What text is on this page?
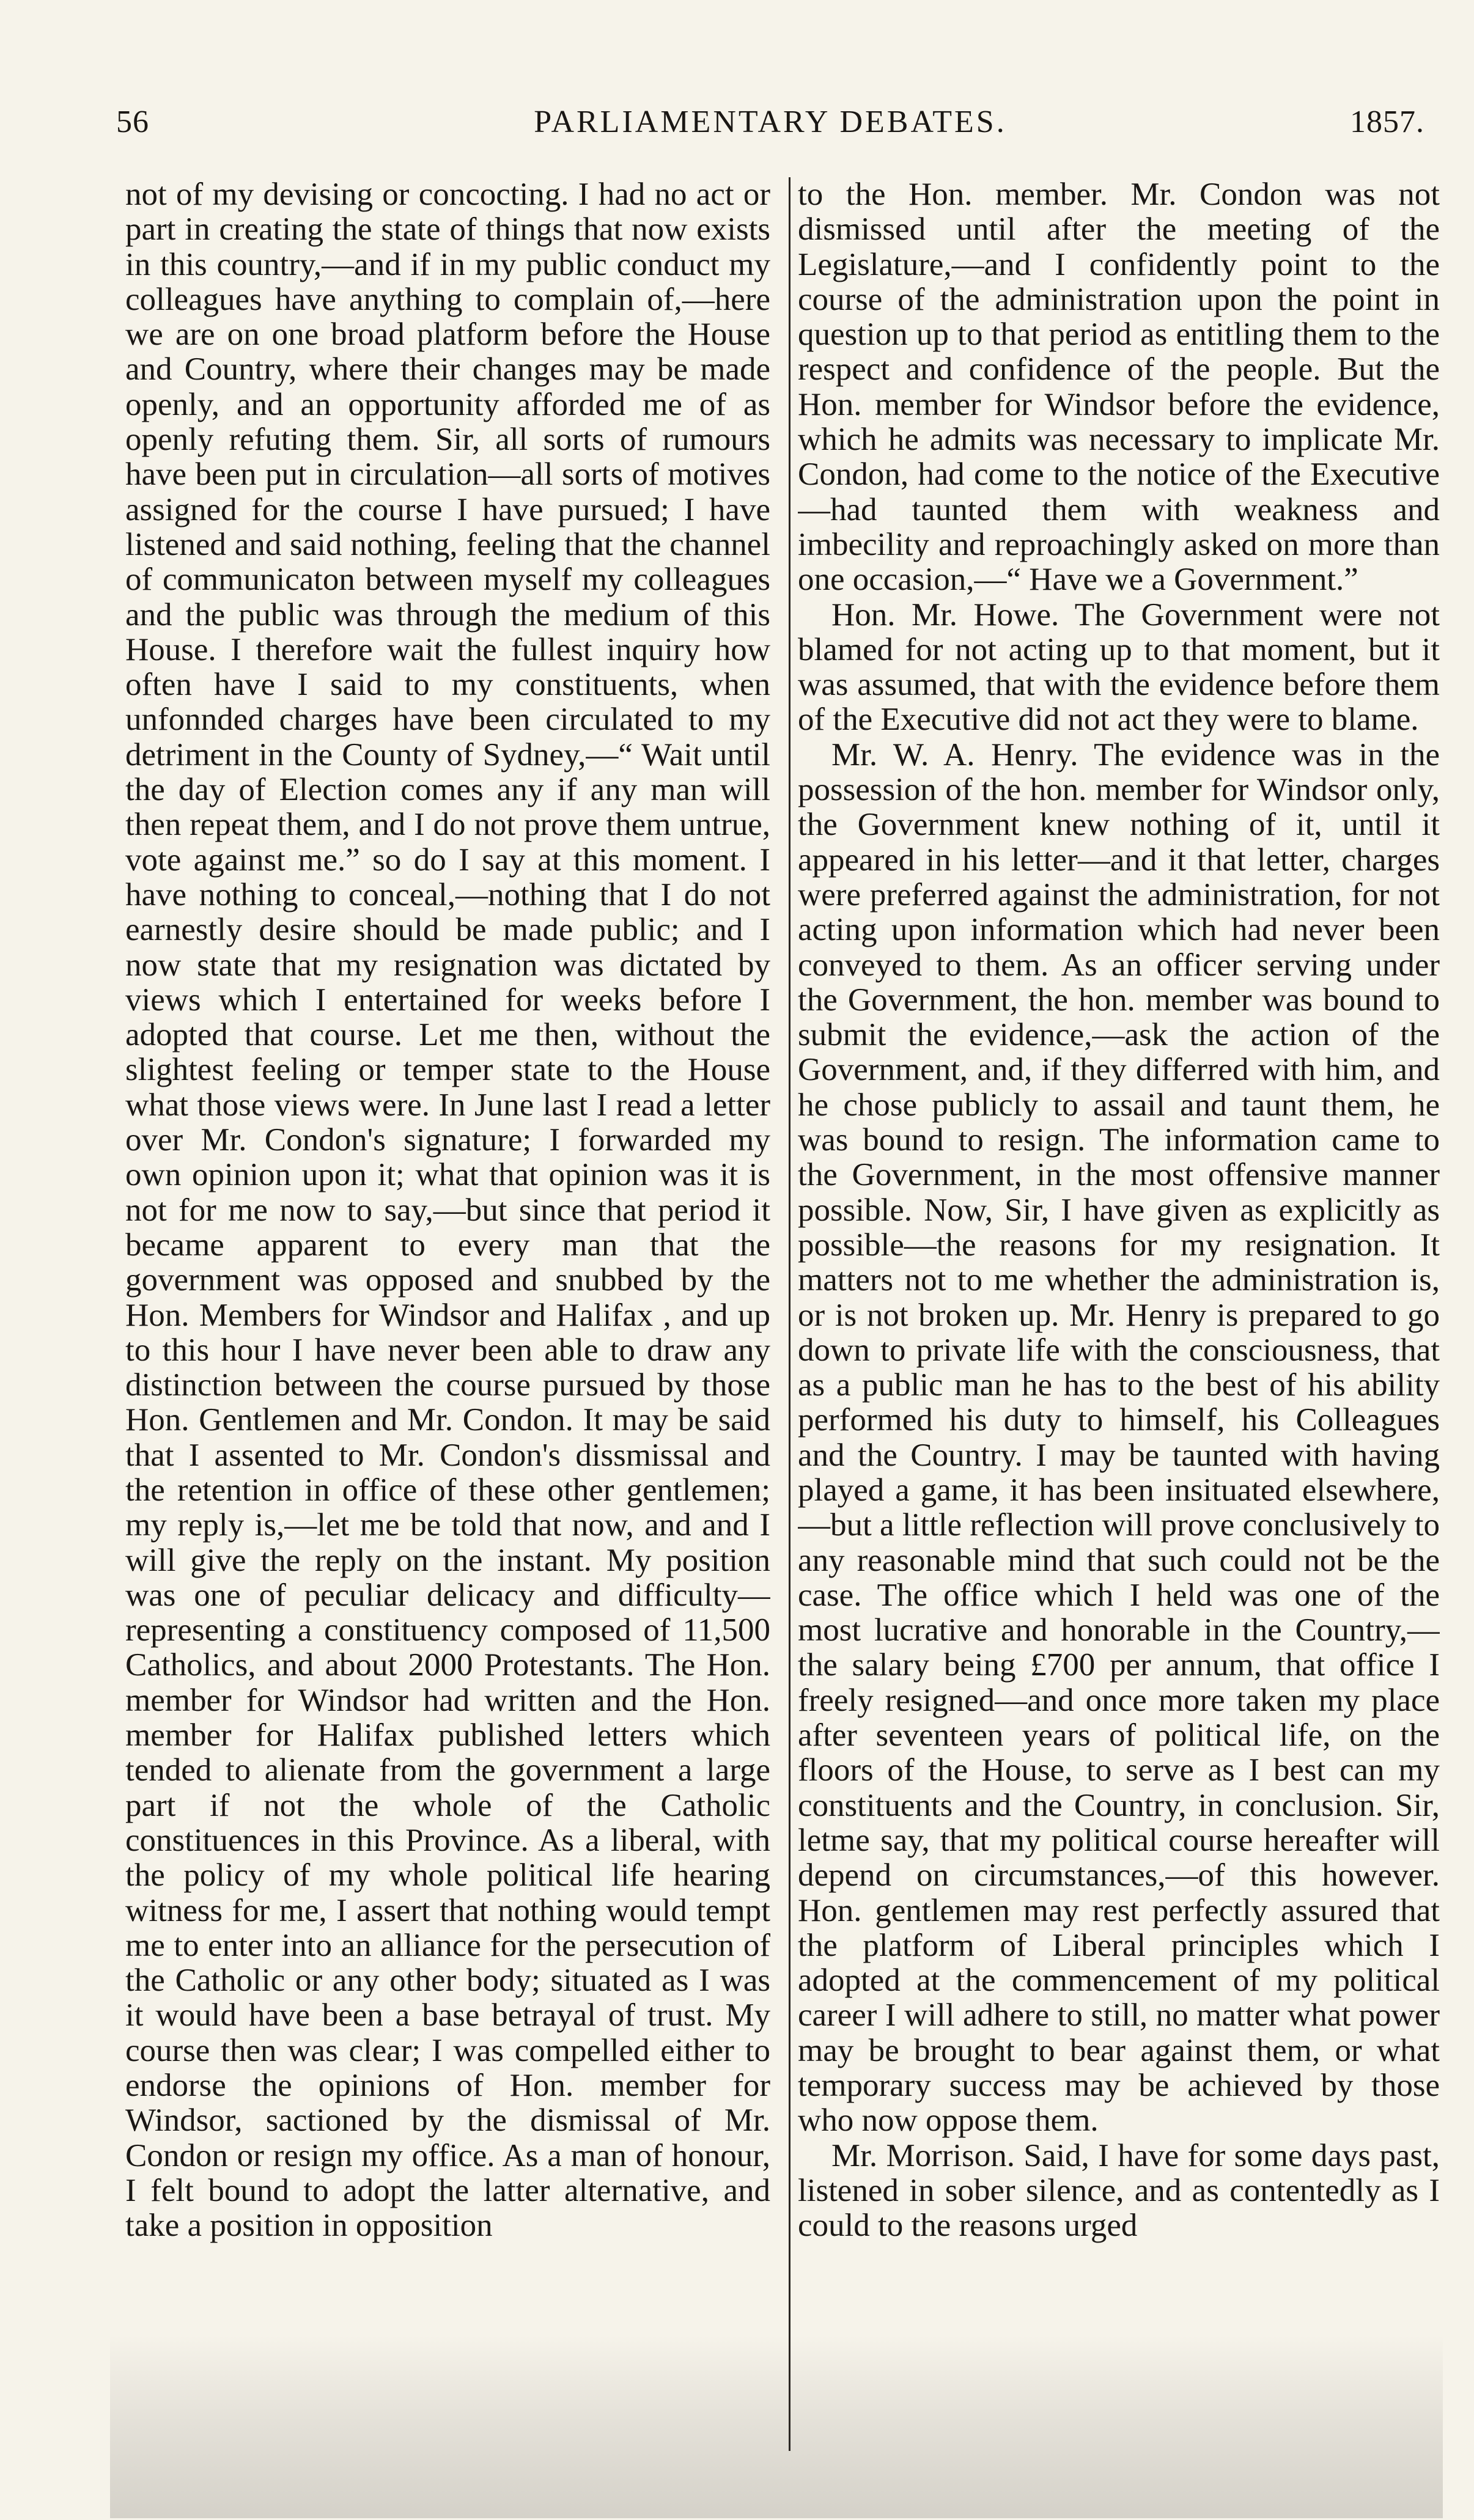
56	PARLIAMENTARY DEBATES.	1857.

not of my devising or concocting. I had no act or part in creating the state of things that now exists in this country,—and if in my public conduct my colleagues have anything to complain of,—here we are on one broad platform before the House and Country, where their changes may be made openly, and an opportunity afforded me of as openly refuting them. Sir, all sorts of rumours have been put in circulation—all sorts of motives assigned for the course I have pursued; I have listened and said nothing, feeling that the channel of communicaton between myself my colleagues and the public was through the medium of this House. I therefore wait the fullest inquiry how often have I said to my constituents, when unfonnded charges have been circulated to my detriment in the County of Sydney,—“ Wait until the day of Election comes any if any man will then repeat them, and I do not prove them untrue, vote against me.” so do I say at this moment. I have nothing to conceal,—nothing that I do not earnestly desire should be made public; and I now state that my resignation was dictated by views which I entertained for weeks before I adopted that course. Let me then, without the slightest feeling or temper state to the House what those views were. In June last I read a letter over Mr. Condon's signature; I forwarded my own opinion upon it; what that opinion was it is not for me now to say,—but since that period it became apparent to every man that the government was opposed and snubbed by the Hon. Members for Windsor and Halifax , and up to this hour I have never been able to draw any distinction between the course pursued by those Hon. Gentlemen and Mr. Condon. It may be said that I assented to Mr. Condon's dissmissal and the retention in office of these other gentlemen; my reply is,—let me be told that now, and and I will give the reply on the instant. My position was one of peculiar delicacy and difficulty—representing a constituency composed of 11,500 Catholics, and about 2000 Protestants. The Hon. member for Windsor had written and the Hon. member for Halifax published letters which tended to alienate from the government a large part if not the whole of the Catholic constituences in this Province. As a liberal, with the policy of my whole political life hearing witness for me, I assert that nothing would tempt me to enter into an alliance for the persecution of the Catholic or any other body; situated as I was it would have been a base betrayal of trust. My course then was clear; I was compelled either to endorse the opinions of Hon. member for Windsor, sactioned by the dismissal of Mr. Condon or resign my office. As a man of honour, I felt bound to adopt the latter alternative, and take a position in opposition

to the Hon. member. Mr. Condon was not dismissed until after the meeting of the Legislature,—and I confidently point to the course of the administration upon the point in question up to that period as entitling them to the respect and confidence of the people. But the Hon. member for Windsor before the evidence, which he admits was necessary to implicate Mr. Condon, had come to the notice of the Executive—had taunted them with weakness and imbecility and reproachingly asked on more than one occasion,—“ Have we a Government.”

Hon. Mr. Howe. The Government were not blamed for not acting up to that moment, but it was assumed, that with the evidence before them of the Executive did not act they were to blame.

Mr. W. A. Henry. The evidence was in the possession of the hon. member for Windsor only, the Government knew nothing of it, until it appeared in his letter—and it that letter, charges were preferred against the administration, for not acting upon information which had never been conveyed to them. As an officer serving under the Government, the hon. member was bound to submit the evidence,—ask the action of the Government, and, if they differred with him, and he chose publicly to assail and taunt them, he was bound to resign. The information came to the Government, in the most offensive manner possible. Now, Sir, I have given as explicitly as possible—the reasons for my resignation. It matters not to me whether the administration is, or is not broken up. Mr. Henry is prepared to go down to private life with the consciousness, that as a public man he has to the best of his ability performed his duty to himself, his Colleagues and the Country. I may be taunted with having played a game, it has been insituated elsewhere,—but a little reflection will prove conclusively to any reasonable mind that such could not be the case. The office which I held was one of the most lucrative and honorable in the Country,—the salary being £700 per annum, that office I freely resigned—and once more taken my place after seventeen years of political life, on the floors of the House, to serve as I best can my constituents and the Country, in conclusion. Sir, letme say, that my political course hereafter will depend on circumstances,—of this however. Hon. gentlemen may rest perfectly assured that the platform of Liberal principles which I adopted at the commencement of my political career I will adhere to still, no matter what power may be brought to bear against them, or what temporary success may be achieved by those who now oppose them.

Mr. Morrison. Said, I have for some days past, listened in sober silence, and as contentedly as I could to the reasons urged
